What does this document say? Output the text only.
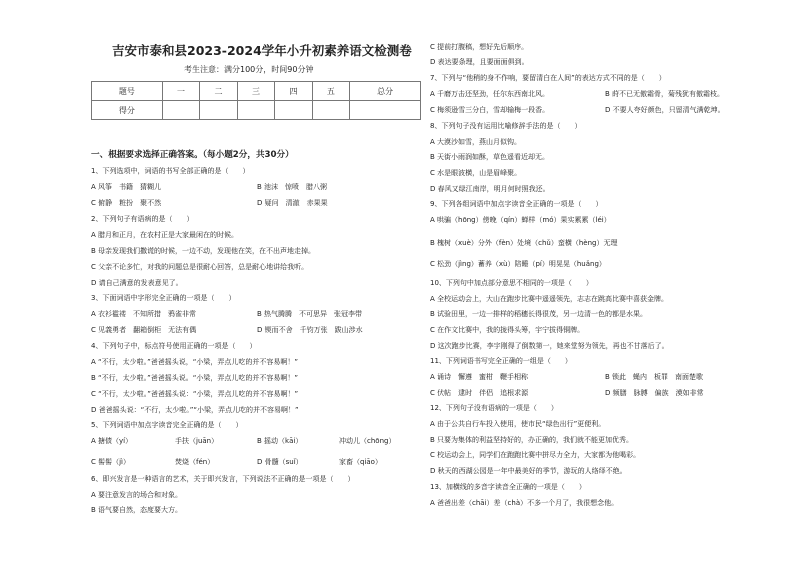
吉安市泰和县2023-2024学年小升初素养语文检测卷
考生注意：满分100分，时间90分钟
题号	一	二	三	四	五	总分
得分						
一、根据要求选择正确答案。（每小题2分，共30分）
1、下列选项中，词语的书写全部正确的是（　　）
A 风筝　书籍　猜糊儿	B 池沫　惊喷　腊八粥
C 俯静　粧扮　聚不然	D 疑问　清澈　赤果果
2、下列句子有语病的是（　　）
A 腊月和正月，在农村正是大家最闲在的时候。
B 母亲发现我们撒谎的时候，一边不动，发现他在笑，在不出声地走掉。
C 父亲不论多忙，对我的问题总是很耐心回答，总是耐心地讲给我听。
D 请自己满意的发表意见了。
3、下面词语中字形完全正确的一项是（　　）
A 衣衫褴褛　不知所措　鸦雀非常	B 热气腾腾　不可思异　张冠李带
C 见義勇者　翻箱倒柜　无法有偶	D 锲而不舍　千钧万张　跋山涉水
4、下列句子中，标点符号使用正确的一项是（　　）
A “不行，太少啦。”爸爸摇头说，“小梁，弄点儿吃的并不容易啊！”
B “不行，太少啦。”爸爸摇头说。“小梁，弄点儿吃的并不容易啊！”
C “不行，太少啦。”爸爸摇头说：“小梁，弄点儿吃的并不容易啊！”
D 爸爸摇头说：“不行，太少啦。”“小梁，弄点儿吃的并不容易啊！”
5、下列词语中加点字读音完全正确的是（　　）
A 搪债（yí）	手扶（juān）	B 摇动（kāi）	冲动儿（chōng）
C 髻髻（jì）	焚烧（fén）	D 骨髓（suǐ）	家畜（qiāo）
6、即兴发言是一种语言的艺术，关于即兴发言，下列说法不正确的是一项是（　　）
A 要注意发言的场合和对象。
B 语气要自然，态度要大方。
C 提前打腹稿，想好先后顺序。
D 表达要条理，且要面面俱到。
7、下列与“他稍的身不作响，要留清白在人间”的表达方式不同的是（　　）
A 千磨万击还坚劲，任尔东西南北风。	B 莳不已无傲霜骨，菊残犹有傲霜枝。
C 梅须逊雪三分白，雪却输梅一段香。	D 不要人夸好颜色，只留清气满乾坤。
8、下列句子没有运用比喻修辞手法的是（　　）
A 大漠沙如雪，燕山月似钩。
B 天街小雨润如酥，草色遥看近却无。
C 水是眼波横，山是眉峰聚。
D 春风又绿江南岸，明月何时照我还。
9、下列各组词语中加点字读音全正确的一项是（　　）
A 哄骗（hōng）傍晚（qín）蝉样（mó）果实累累（léi）
B 槐树（xuè）分外（fèn）处境（chǔ）蛮横（hèng）无理
C 松劲（jìng）蓄养（xù）陪睡（pí）明晃晃（huǎng）
10、下列句中加点部分意思不相同的一项是（　　）
A 全校运动会上，大山在跑步比赛中遥遥领先，志志在跳高比赛中喜获金牌。
B 试验田里，一边一排样的稻穗长得很茂，另一边清一色的都是水果。
C 在作文比赛中，我的拢得头筹，宇宁拔得铜牌。
D 这次跑步比赛，李宇刚得了倒数第一，她来堂努为领先，再也不甘落后了。
11、下列词语书写完全正确的一组是（　　）
A 诵诗　懈遵　蜜柑　鞭手相称	B 锁此　蝇内　板罪　南面楚歌
C 伏帖　逮时　伴侣　追根求源	D 频膳　脉膊　偏族　漠如非常
12、下列句子没有语病的一项是（　　）
A 由于公共自行车投入使用，使市民“绿色出行”更便利。
B 只要为集体的利益坚持好的，办正确的，我们就不能更加优秀。
C 校运动会上，同学们在跑跑比赛中拼尽力全力，大家都为他喝彩。
D 秋天的西湖公园是一年中最美好的季节，游玩的人络绎不绝。
13、加横线的多音字读音全正确的一项是（　　）
A 爸爸出差（chāi）差（chà）不多一个月了，我很想念他。
